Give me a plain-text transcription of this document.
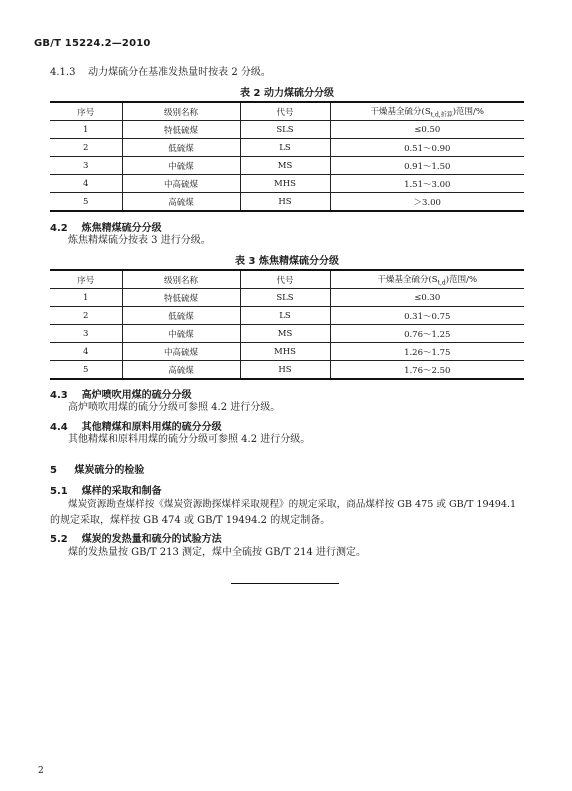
GB/T 15224.2—2010
4.1.3 动力煤硫分在基准发热量时按表 2 分级。
表 2 动力煤硫分分级
序号	级别名称	代号	干燥基全硫分$(S_{t,d,折算})$范围/%
1	特低硫煤	SLS	≤0.50
2	低硫煤	LS	0.51～0.90
3	中硫煤	MS	0.91～1.50
4	中高硫煤	MHS	1.51～3.00
5	高硫煤	HS	＞3.00
4.2 炼焦精煤硫分分级
炼焦精煤硫分按表 3 进行分级。
表 3 炼焦精煤硫分分级
序号	级别名称	代号	干燥基全硫分$(S_{t,d})$范围/%
1	特低硫煤	SLS	≤0.30
2	低硫煤	LS	0.31～0.75
3	中硫煤	MS	0.76～1.25
4	中高硫煤	MHS	1.26～1.75
5	高硫煤	HS	1.76～2.50
4.3 高炉喷吹用煤的硫分分级
高炉喷吹用煤的硫分分级可参照 4.2 进行分级。
4.4 其他精煤和原料用煤的硫分分级
其他精煤和原料用煤的硫分分级可参照 4.2 进行分级。
5 煤炭硫分的检验
5.1 煤样的采取和制备
煤炭资源勘查煤样按《煤炭资源勘探煤样采取规程》的规定采取，商品煤样按 GB 475 或 GB/T 19494.1
的规定采取，煤样按 GB 474 或 GB/T 19494.2 的规定制备。
5.2 煤炭的发热量和硫分的试验方法
煤的发热量按 GB/T 213 测定，煤中全硫按 GB/T 214 进行测定。
2
